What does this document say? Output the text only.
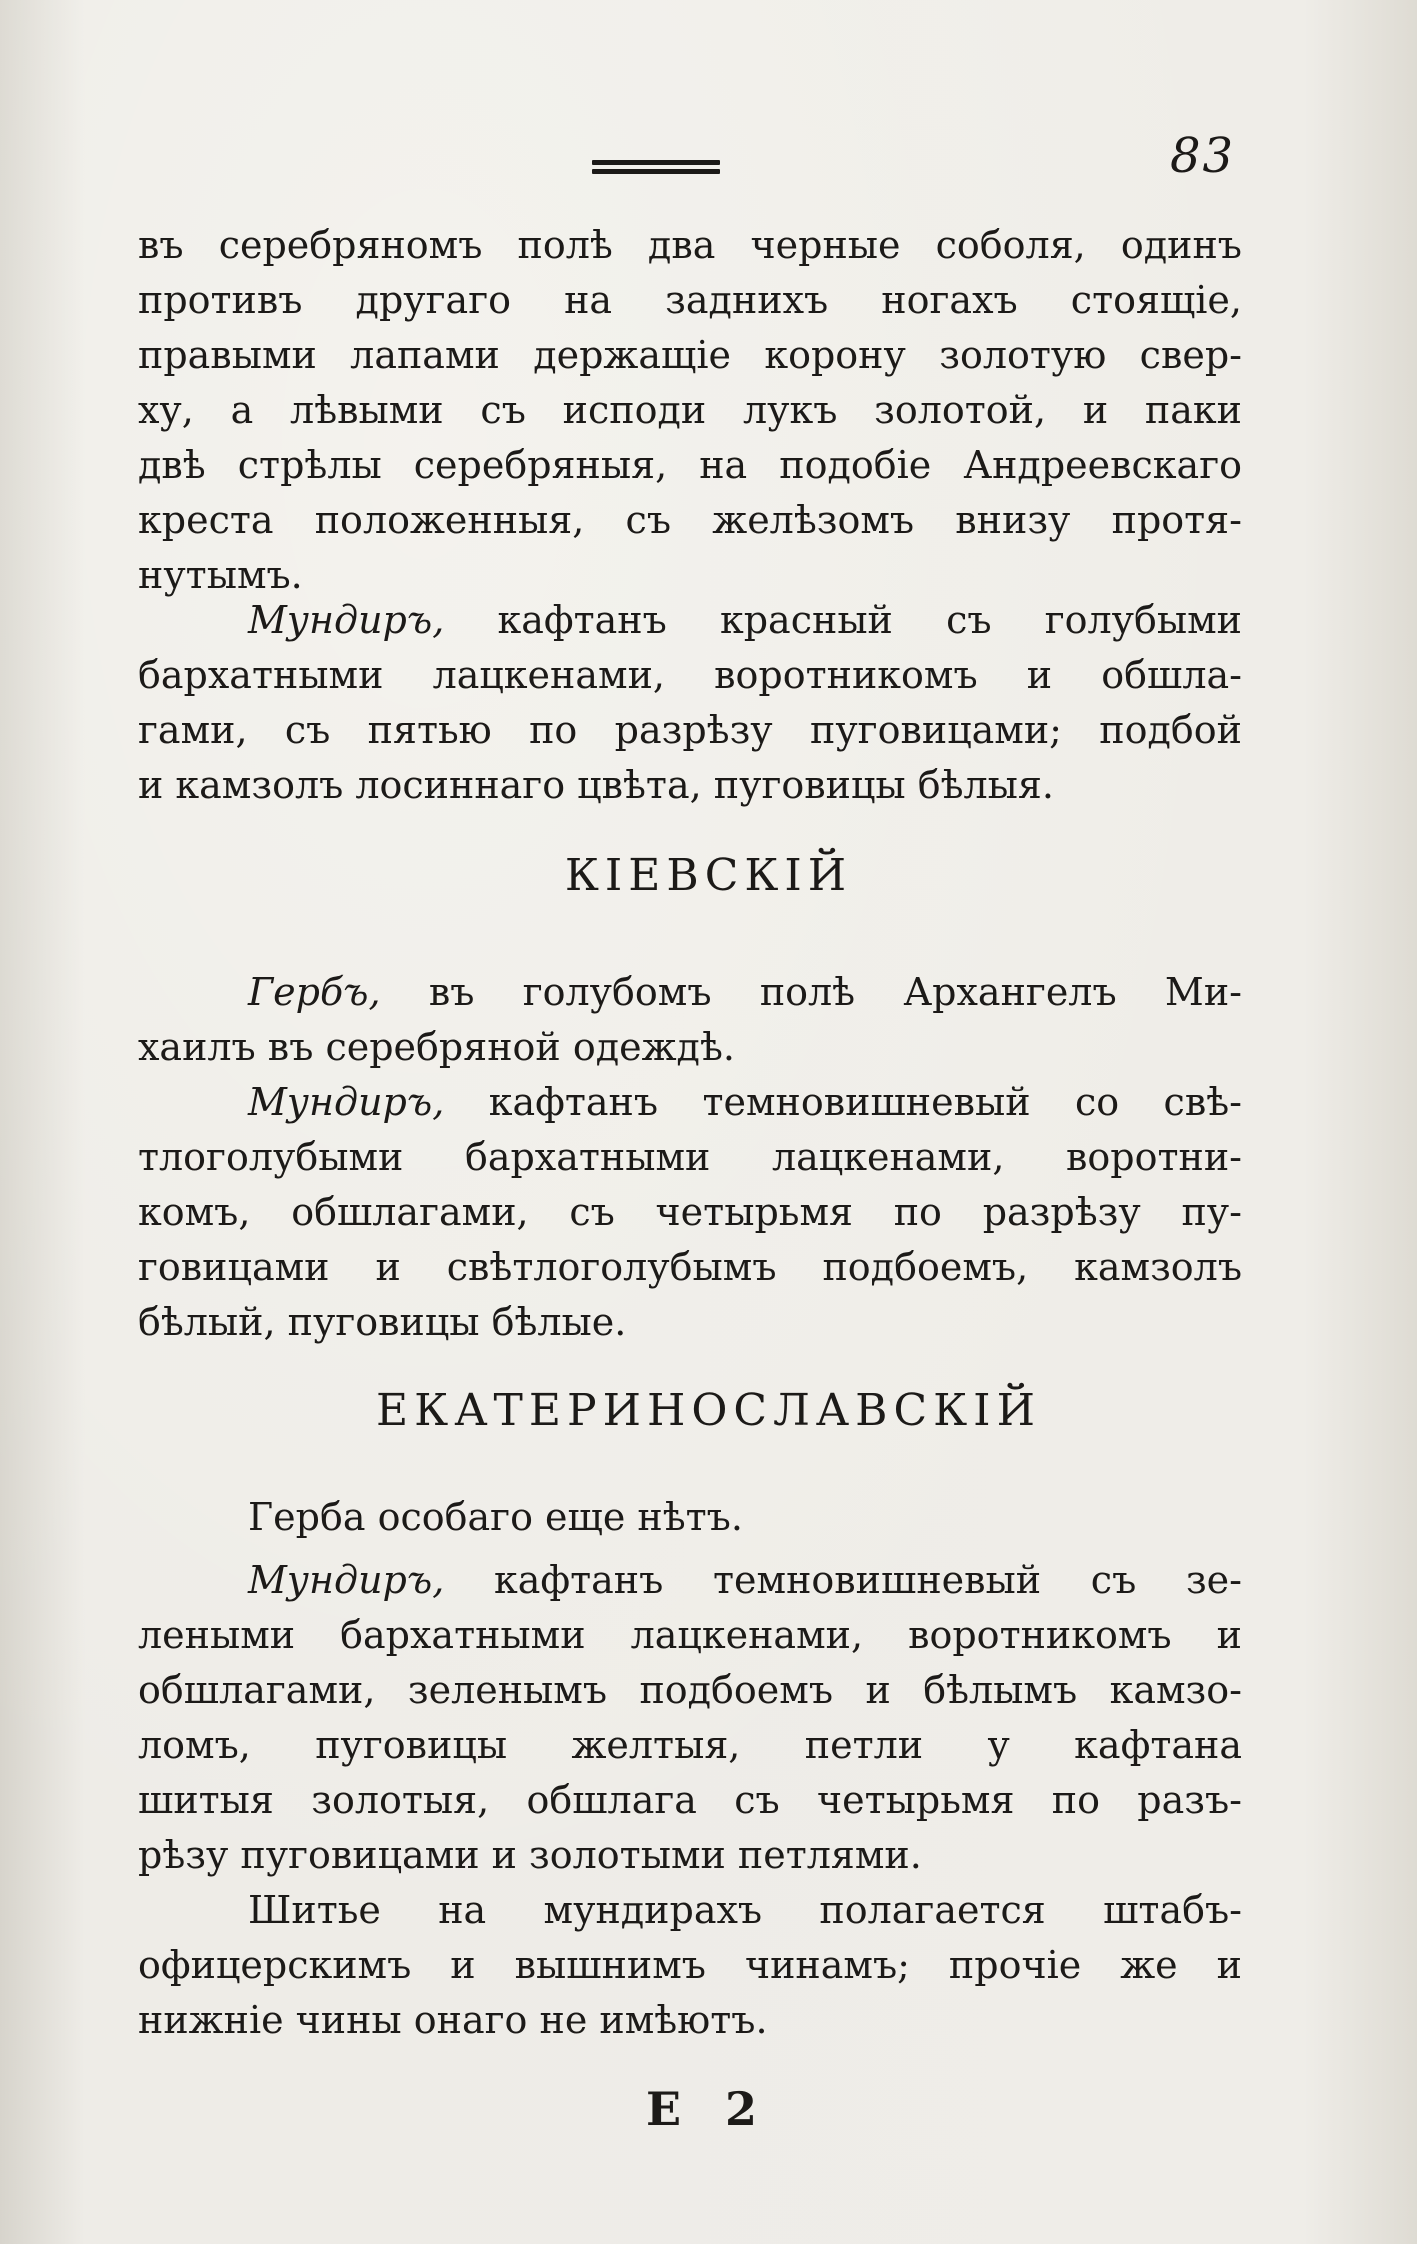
83
въ серебряномъ полѣ два черные соболя, одинъ
противъ другаго на заднихъ ногахъ стоящіе,
правыми лапами держащіе корону золотую свер-
ху, а лѣвыми съ исподи лукъ золотой, и паки
двѣ стрѣлы серебряныя, на подобіе Андреевскаго
креста положенныя, съ желѣзомъ внизу протя-
нутымъ.
Мундиръ, кафтанъ красный съ голубыми
бархатными лацкенами, воротникомъ и обшла-
гами, съ пятью по разрѣзу пуговицами; подбой
и камзолъ лосиннаго цвѣта, пуговицы бѣлыя.
КІЕВСКІЙ
Гербъ, въ голубомъ полѣ Архангелъ Ми-
хаилъ въ серебряной одеждѣ.
Мундиръ, кафтанъ темновишневый со свѣ-
тлоголубыми бархатными лацкенами, воротни-
комъ, обшлагами, съ четырьмя по разрѣзу пу-
говицами и свѣтлоголубымъ подбоемъ, камзолъ
бѣлый, пуговицы бѣлые.
ЕКАТЕРИНОСЛАВСКІЙ
Герба особаго еще нѣтъ.
Мундиръ, кафтанъ темновишневый съ зе-
леными бархатными лацкенами, воротникомъ и
обшлагами, зеленымъ подбоемъ и бѣлымъ камзо-
ломъ, пуговицы желтыя, петли у кафтана
шитыя золотыя, обшлага съ четырьмя по разъ-
рѣзу пуговицами и золотыми петлями.
Шитье на мундирахъ полагается штабъ-
офицерскимъ и вышнимъ чинамъ; прочіе же и
нижніе чины онаго не имѣютъ.
Е 2
